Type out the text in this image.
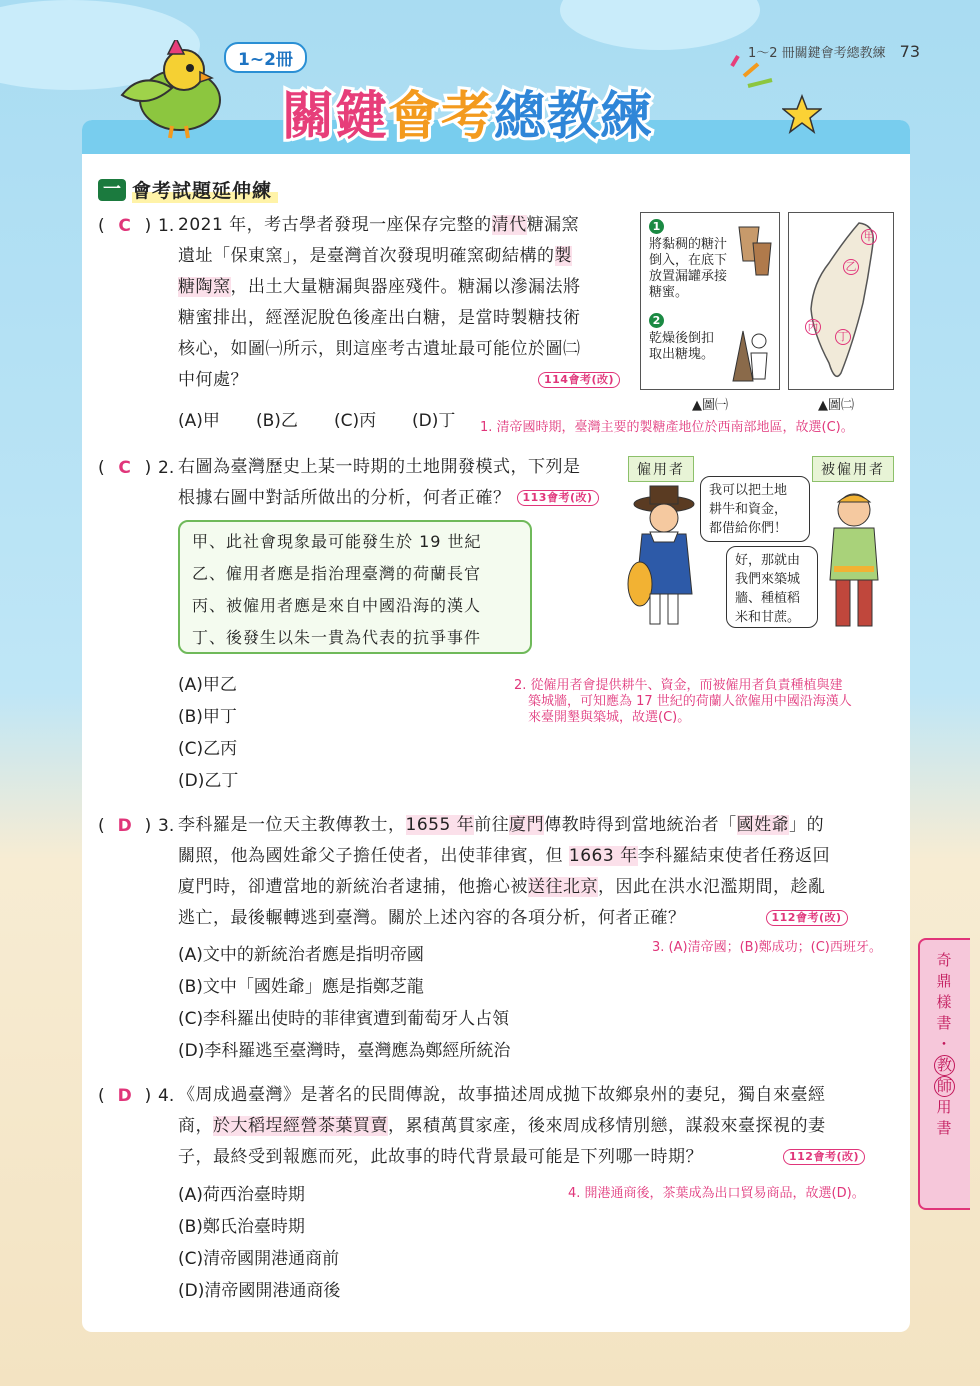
1~2冊
關鍵會考總教練
1～2 冊關鍵會考總教練 73
一 會考試題延伸練
( C ) 1. 2021 年，考古學者發現一座保存完整的清代糖漏窯
遺址「保東窯」，是臺灣首次發現明確窯砌結構的製
糖陶窯，出土大量糖漏與器座殘件。糖漏以滲漏法將
糖蜜排出，經溼泥脫色後產出白糖，是當時製糖技術
核心，如圖㈠所示，則這座考古遺址最可能位於圖㈡
中何處？	114會考(改)
(A)甲 (B)乙 (C)丙 (D)丁 1. 清帝國時期，臺灣主要的製糖產地位於西南部地區，故選(C)。
1
將黏稠的糖汁
倒入，在底下
放置漏罐承接
糖蜜。
2
乾燥後倒扣
取出糖塊。
▲圖㈠
甲
乙
丙
丁
▲圖㈡
( C ) 2. 右圖為臺灣歷史上某一時期的土地開發模式，下列是
根據右圖中對話所做出的分析，何者正確？ 113會考(改)
甲、此社會現象最可能發生於 19 世紀
乙、僱用者應是指治理臺灣的荷蘭長官
丙、被僱用者應是來自中國沿海的漢人
丁、後發生以朱一貴為代表的抗爭事件
(A)甲乙
(B)甲丁
(C)乙丙
(D)乙丁
2. 從僱用者會提供耕牛、資金，而被僱用者負責種植與建
築城牆，可知應為 17 世紀的荷蘭人欲僱用中國沿海漢人
來臺開墾與築城，故選(C)。
僱用者	被僱用者
我可以把土地
耕牛和資金，
都借給你們！
好，那就由
我們來築城
牆、種植稻
米和甘蔗。
( D ) 3. 李科羅是一位天主教傳教士，1655 年前往廈門傳教時得到當地統治者「國姓爺」的
關照，他為國姓爺父子擔任使者，出使菲律賓，但 1663 年李科羅結束使者任務返回
廈門時，卻遭當地的新統治者逮捕，他擔心被送往北京，因此在洪水氾濫期間，趁亂
逃亡，最後輾轉逃到臺灣。關於上述內容的各項分析，何者正確？	112會考(改)
(A)文中的新統治者應是指明帝國
(B)文中「國姓爺」應是指鄭芝龍
(C)李科羅出使時的菲律賓遭到葡萄牙人占領
(D)李科羅逃至臺灣時，臺灣應為鄭經所統治
3. (A)清帝國；(B)鄭成功；(C)西班牙。
( D ) 4. 《周成過臺灣》是著名的民間傳說，故事描述周成拋下故鄉泉州的妻兒，獨自來臺經
商，於大稻埕經營茶葉買賣，累積萬貫家產，後來周成移情別戀，謀殺來臺探視的妻
子，最終受到報應而死，此故事的時代背景最可能是下列哪一時期？	112會考(改)
(A)荷西治臺時期
(B)鄭氏治臺時期
(C)清帝國開港通商前
(D)清帝國開港通商後
4. 開港通商後，茶葉成為出口貿易商品，故選(D)。
奇
鼎
樣
書
・
教
師
用
書
